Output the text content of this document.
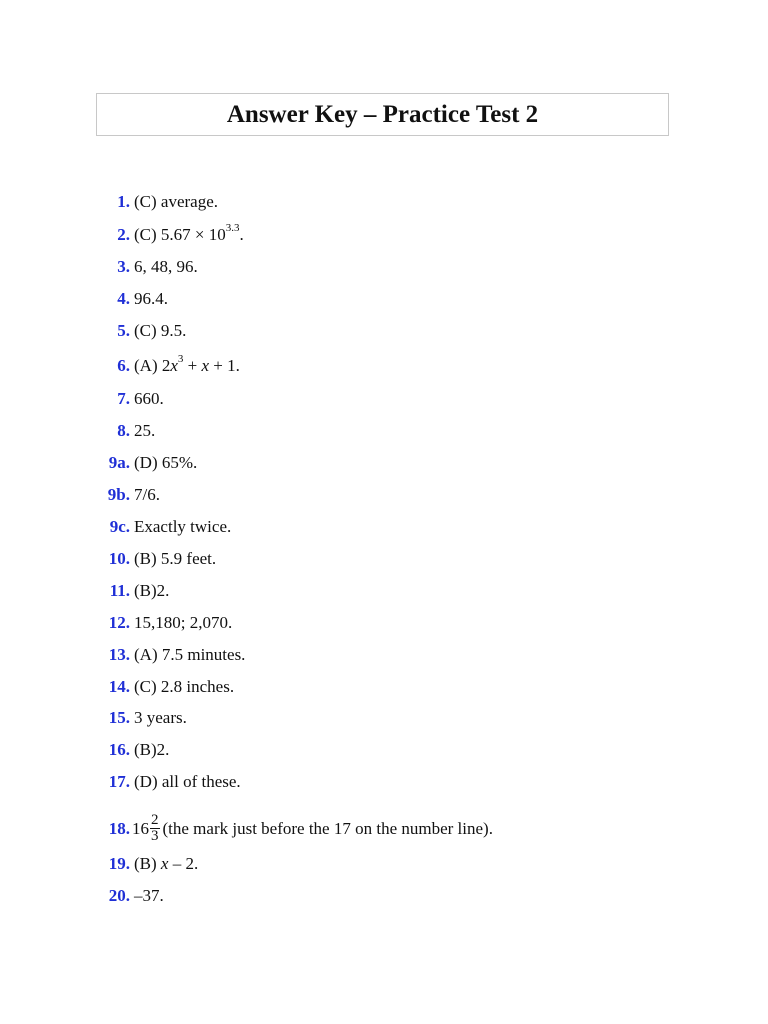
Answer Key – Practice Test 2
1. (C) average.
2. (C) $5.67 \times 10^{3.3}$.
3. 6, 48, 96.
4. 96.4.
5. (C) 9.5.
6. (A) $2x^3 + x + 1$.
7. 660.
8. 25.
9a. (D) 65%.
9b. 7/6.
9c. Exactly twice.
10. (B) 5.9 feet.
11. (B)2.
12. 15,180; 2,070.
13. (A) 7.5 minutes.
14. (C) 2.8 inches.
15. 3 years.
16. (B)2.
17. (D) all of these.
18. $16 \frac{2}{3} (the$ mark just before the 17 on the number line).
19. (B) x – 2.
20. –37.
